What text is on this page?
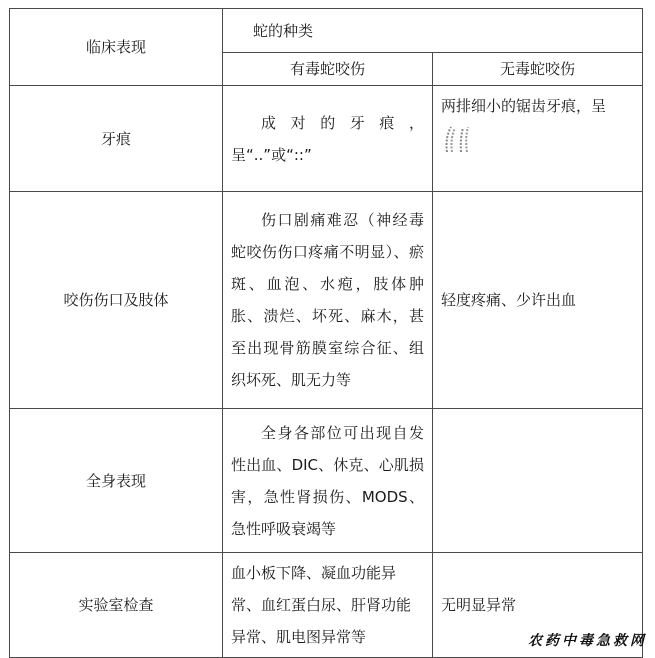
临床表现	蛇的种类	
	有毒蛇咬伤	无毒蛇咬伤
牙痕	成对的牙痕，呈“..”或“::”	两排细小的锯齿牙痕，呈

咬伤伤口及肢体	伤口剧痛难忍（神经毒蛇咬伤伤口疼痛不明显）、瘀斑、血泡、水疱，肢体肿胀、溃烂、坏死、麻木，甚至出现骨筋膜室综合征、组织坏死、肌无力等	轻度疼痛、少许出血
全身表现	全身各部位可出现自发性出血、DIC、休克、心肌损害，急性肾损伤、MODS、急性呼吸衰竭等	
实验室检查	血小板下降、凝血功能异常、血红蛋白尿、肝肾功能异常、肌电图异常等	无明显异常
农药中毒急救网
